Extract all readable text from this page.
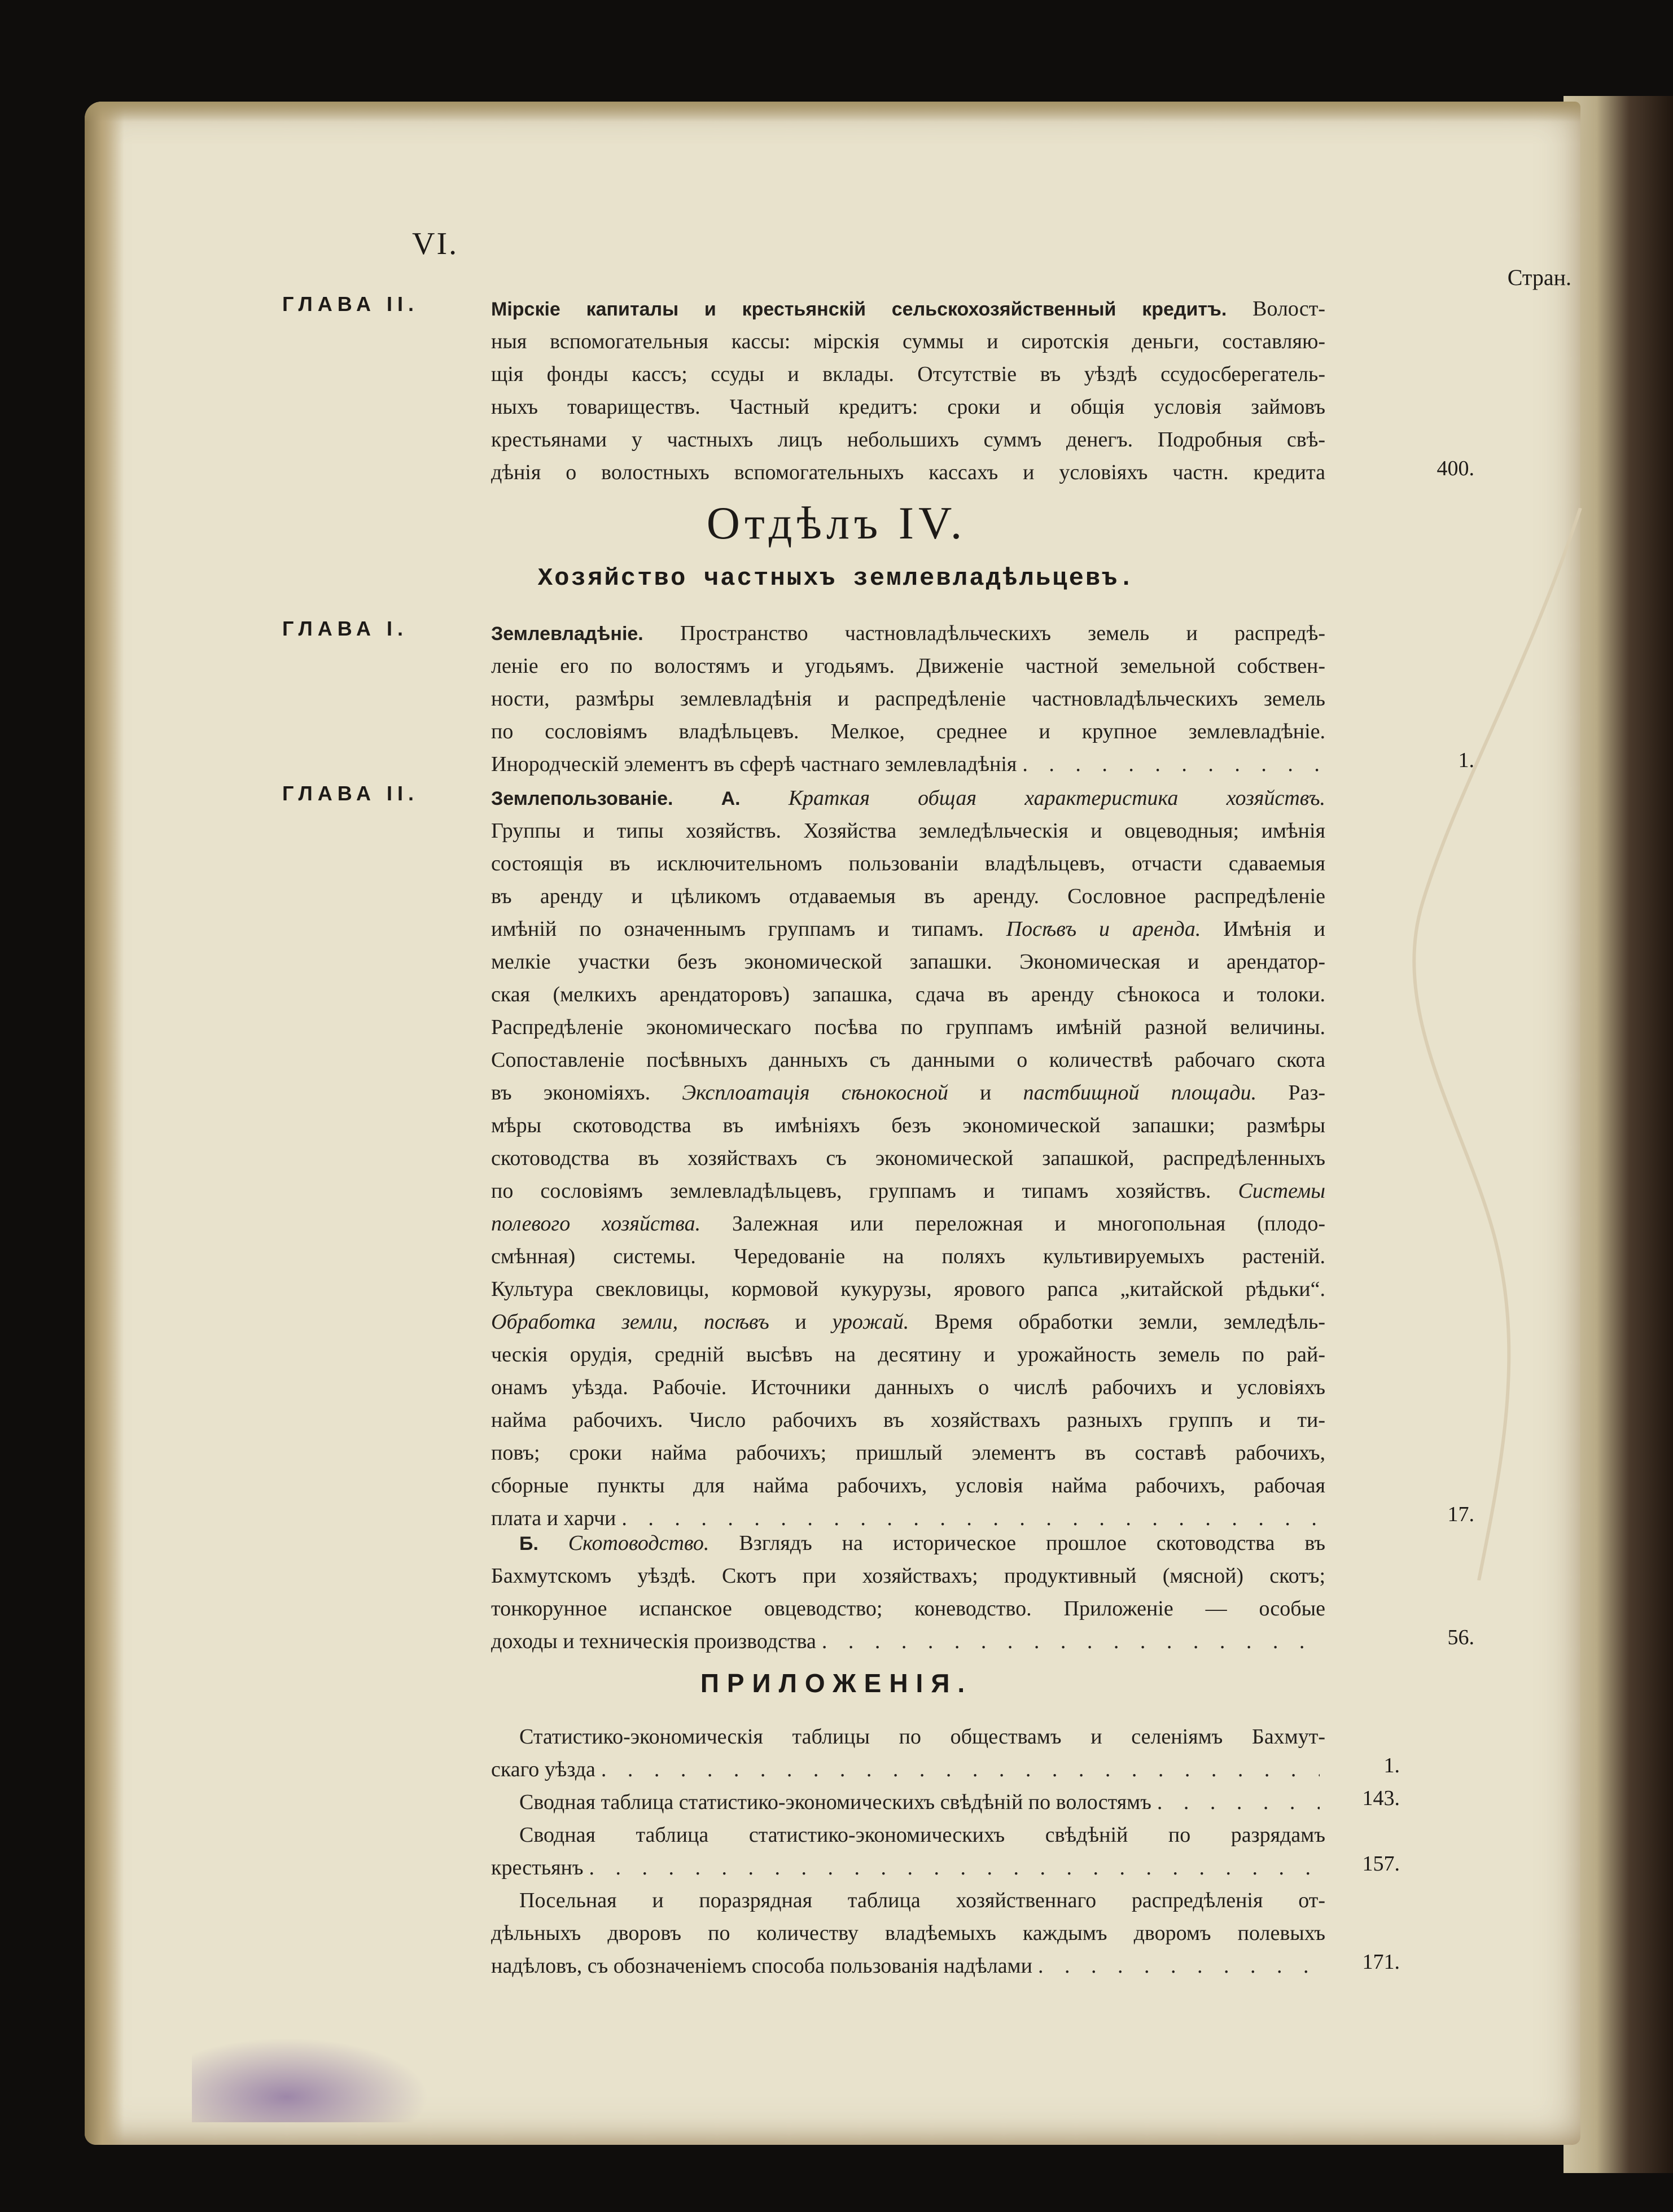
VI.
Стран.
ГЛАВА II.	Мірскіе капиталы и крестьянскій сельскохозяйственный кредитъ. Волост-
ныя вспомогательныя кассы: мірскія суммы и сиротскія деньги, составляю-
щія фонды кассъ; ссуды и вклады. Отсутствіе въ уѣздѣ ссудосберегатель-
ныхъ товариществъ. Частный кредитъ: сроки и общія условія займовъ
крестьянами у частныхъ лицъ небольшихъ суммъ денегъ. Подробныя свѣ-
дѣнія о волостныхъ вспомогательныхъ кассахъ и условіяхъ частн. кредита	400.
Отдѣлъ IV.
Хозяйство частныхъ землевладѣльцевъ.
ГЛАВА I.	Землевладѣніе. Пространство частновладѣльческихъ земель и распредѣ-
леніе его по волостямъ и угодьямъ. Движеніе частной земельной собствен-
ности, размѣры землевладѣнія и распредѣленіе частновладѣльческихъ земель
по сословіямъ владѣльцевъ. Мелкое, среднее и крупное землевладѣніе.
Инородческій элементъ въ сферѣ частнаго землевладѣнія . . .	1.
ГЛАВА II.	Землепользованіе. А. Краткая общая характеристика хозяйствъ.
Группы и типы хозяйствъ. Хозяйства земледѣльческія и овцеводныя; имѣнія
состоящія въ исключительномъ пользованіи владѣльцевъ, отчасти сдаваемыя
въ аренду и цѣликомъ отдаваемыя въ аренду. Сословное распредѣленіе
имѣній по означеннымъ группамъ и типамъ. Посѣвъ и аренда. Имѣнія и
мелкіе участки безъ экономической запашки. Экономическая и арендатор-
ская (мелкихъ арендаторовъ) запашка, сдача въ аренду сѣнокоса и толоки.
Распредѣленіе экономическаго посѣва по группамъ имѣній разной величины.
Сопоставленіе посѣвныхъ данныхъ съ данными о количествѣ рабочаго скота
въ экономіяхъ. Эксплоатація сѣнокосной и пастбищной площади. Раз-
мѣры скотоводства въ имѣніяхъ безъ экономической запашки; размѣры
скотоводства въ хозяйствахъ съ экономической запашкой, распредѣленныхъ
по сословіямъ землевладѣльцевъ, группамъ и типамъ хозяйствъ. Системы
полевого хозяйства. Залежная или переложная и многопольная (плодо-
смѣнная) системы. Чередованіе на поляхъ культивируемыхъ растеній.
Культура свекловицы, кормовой кукурузы, ярового рапса „китайской рѣдьки“.
Обработка земли, посѣвъ и урожай. Время обработки земли, земледѣль-
ческія орудія, средній высѣвъ на десятину и урожайность земель по рай-
онамъ уѣзда. Рабочіе. Источники данныхъ о числѣ рабочихъ и условіяхъ
найма рабочихъ. Число рабочихъ въ хозяйствахъ разныхъ группъ и ти-
повъ; сроки найма рабочихъ; пришлый элементъ въ составѣ рабочихъ,
сборные пункты для найма рабочихъ, условія найма рабочихъ, рабочая
плата и харчи . . .	17.
Б. Скотоводство. Взглядъ на историческое прошлое скотоводства въ
Бахмутскомъ уѣздѣ. Скотъ при хозяйствахъ; продуктивный (мясной) скотъ;
тонкорунное испанское овцеводство; коневодство. Приложеніе — особые
доходы и техническія производства . . .	56.
ПРИЛОЖЕНІЯ.
Статистико-экономическія таблицы по обществамъ и селеніямъ Бахмут-
скаго уѣзда . . .	1.
Сводная таблица статистико-экономическихъ свѣдѣній по волостямъ . . .	143.
Сводная таблица статистико-экономическихъ свѣдѣній по разрядамъ
крестьянъ . . .	157.
Посельная и поразрядная таблица хозяйственнаго распредѣленія от-
дѣльныхъ дворовъ по количеству владѣемыхъ каждымъ дворомъ полевыхъ
надѣловъ, съ обозначеніемъ способа пользованія надѣлами . . .	171.
